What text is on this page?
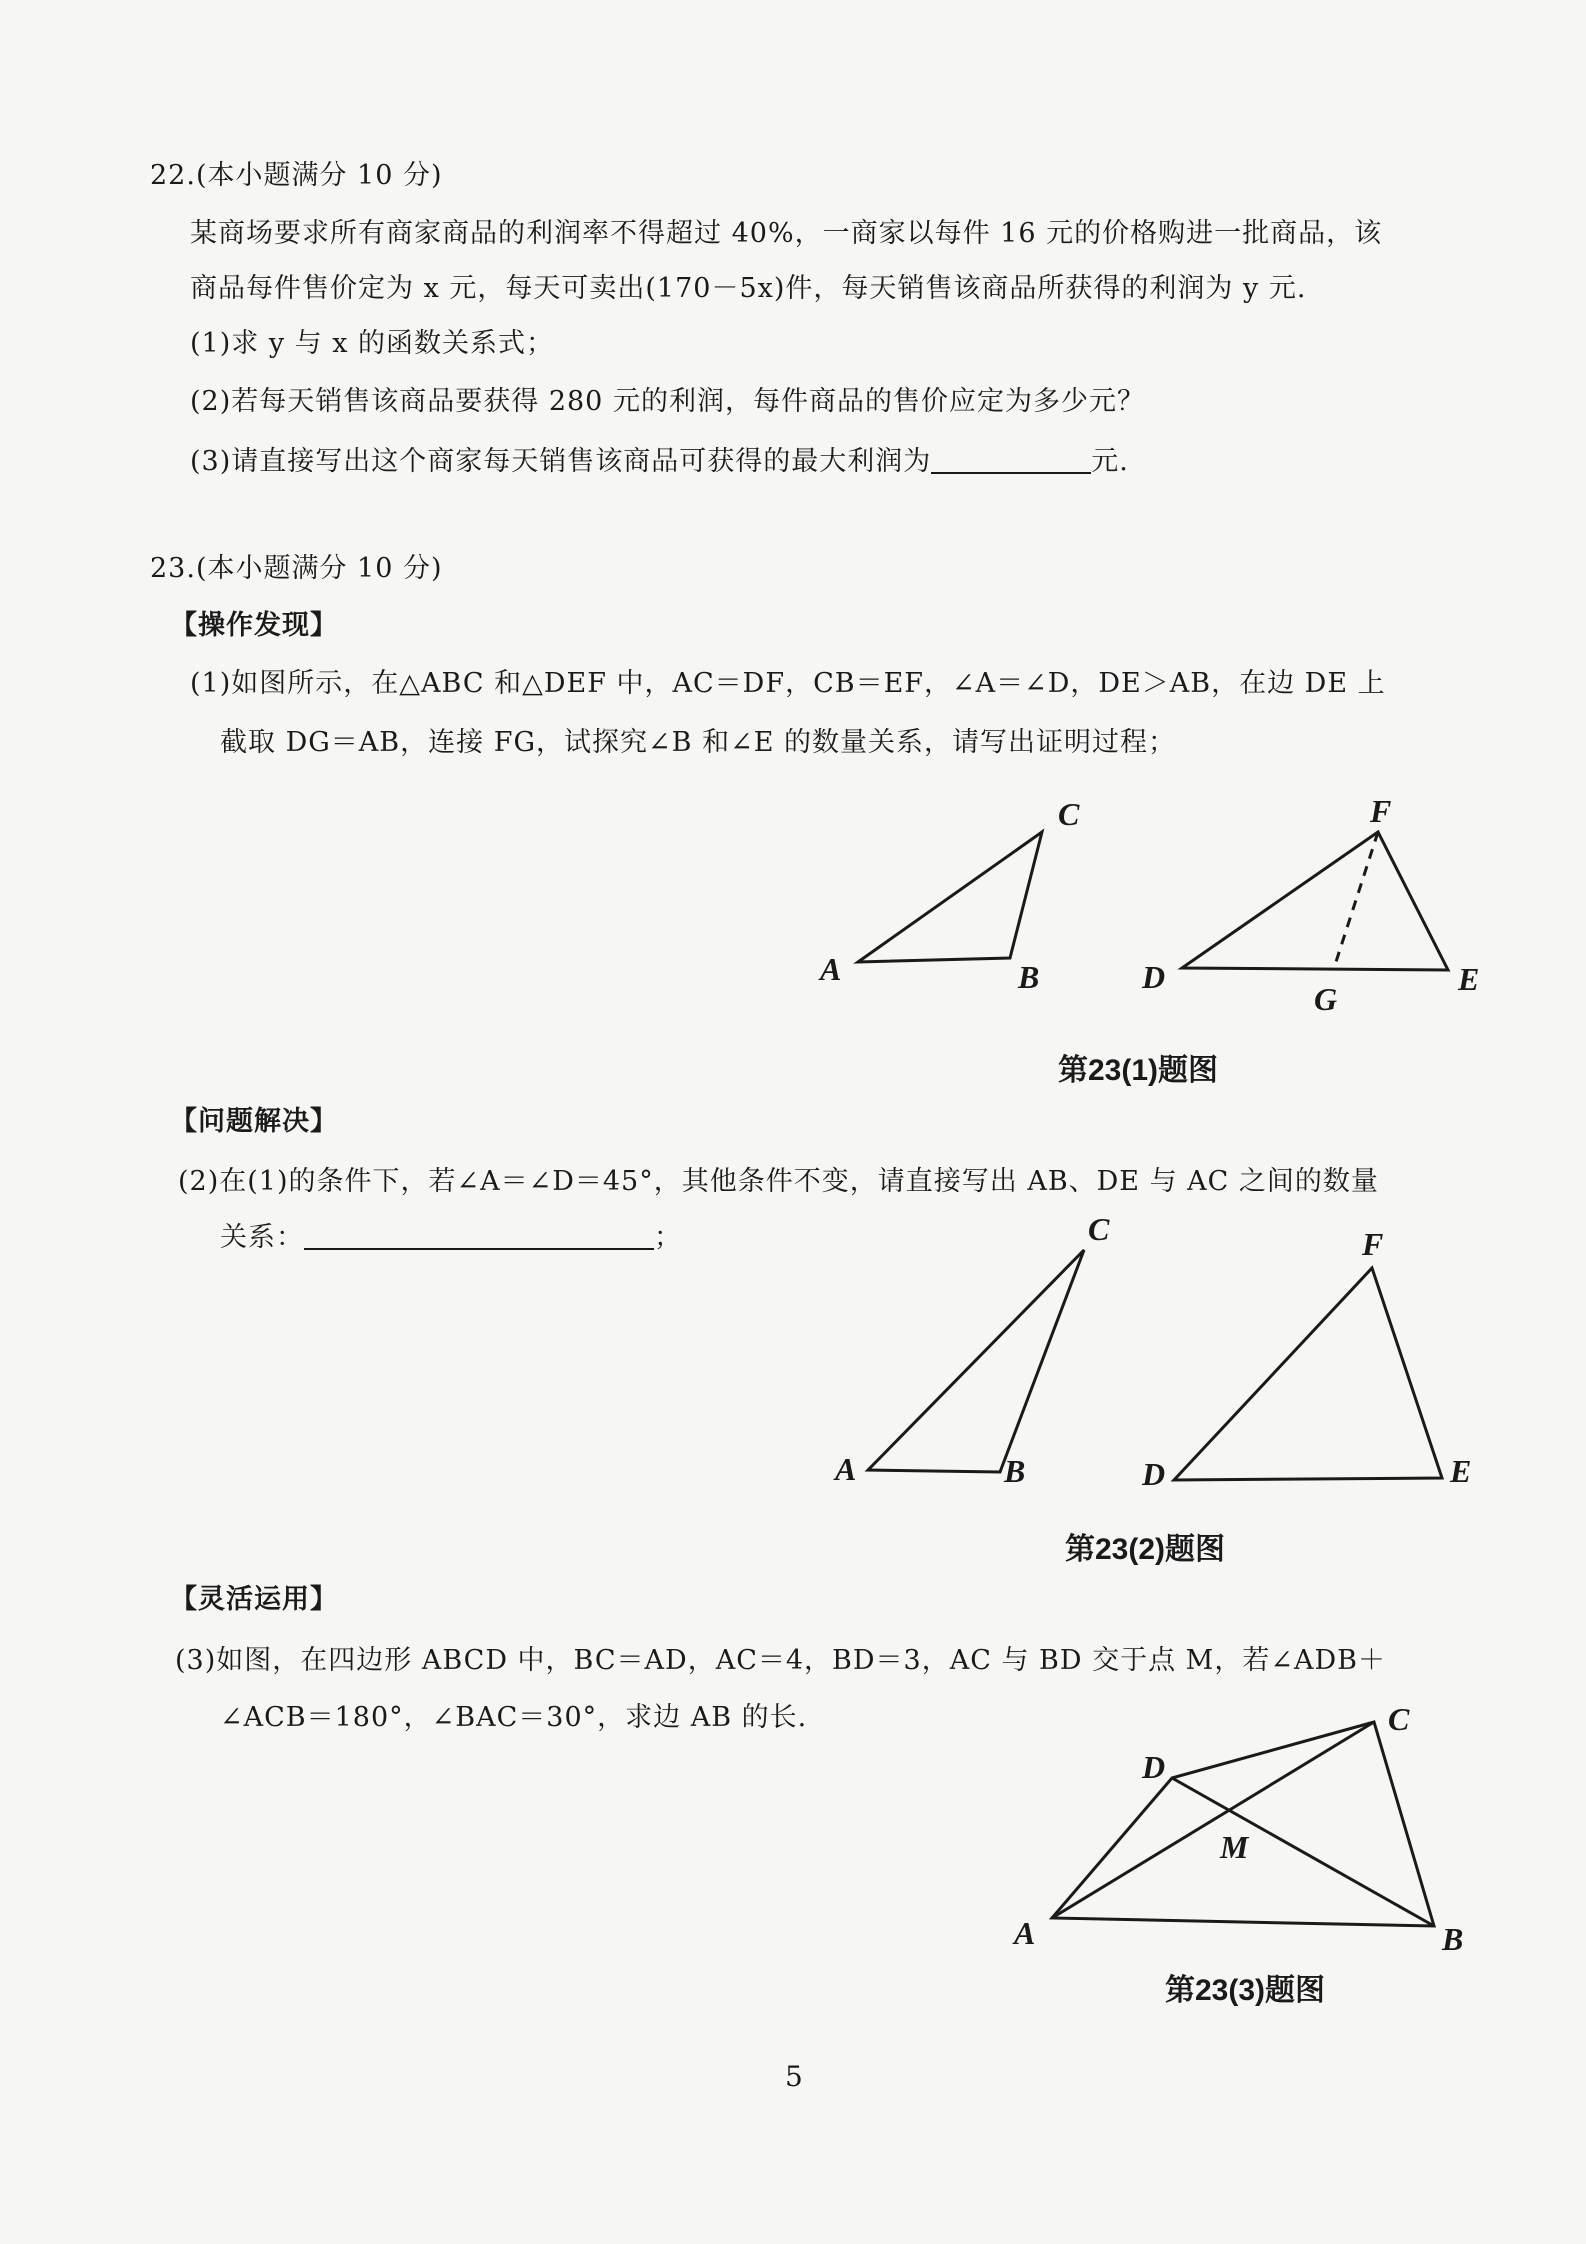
22.(本小题满分 10 分)
某商场要求所有商家商品的利润率不得超过 40%，一商家以每件 16 元的价格购进一批商品，该
商品每件售价定为 x 元，每天可卖出(170－5x)件，每天销售该商品所获得的利润为 y 元.
(1)求 y 与 x 的函数关系式；
(2)若每天销售该商品要获得 280 元的利润，每件商品的售价应定为多少元？
(3)请直接写出这个商家每天销售该商品可获得的最大利润为	元.
23.(本小题满分 10 分)
【操作发现】
(1)如图所示，在△ABC 和△DEF 中，AC＝DF，CB＝EF，∠A＝∠D，DE＞AB，在边 DE 上
截取 DG＝AB，连接 FG，试探究∠B 和∠E 的数量关系，请写出证明过程；
A	B
C
D	E
F
G
第23(1)题图
【问题解决】
(2)在(1)的条件下，若∠A＝∠D＝45°，其他条件不变，请直接写出 AB、DE 与 AC 之间的数量
关系：	；
A	B
C
D	E
F
第23(2)题图
【灵活运用】
(3)如图，在四边形 ABCD 中，BC＝AD，AC＝4，BD＝3，AC 与 BD 交于点 M，若∠ADB＋
∠ACB＝180°，∠BAC＝30°，求边 AB 的长.
A	B
C
D
M
第23(3)题图
5
